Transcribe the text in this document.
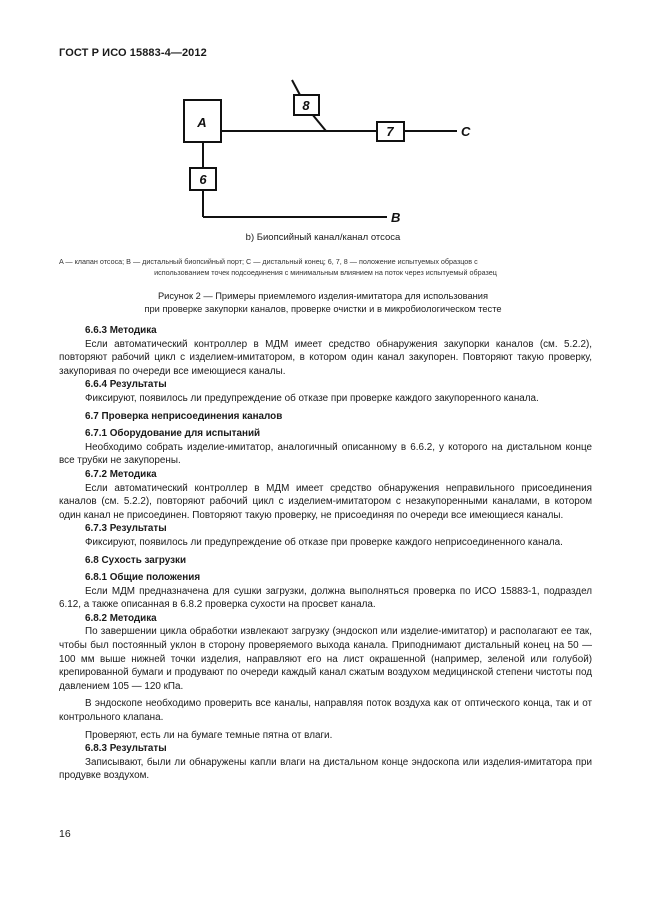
ГОСТ Р ИСО 15883-4—2012
A
8
7
6
C
B
b) Биопсийный канал/канал отсоса
A — клапан отсоса; B — дистальный биопсийный порт; C — дистальный конец; 6, 7, 8 — положение испытуемых образцов с
использованием точек подсоединения с минимальным влиянием на поток через испытуемый образец
Рисунок 2 — Примеры приемлемого изделия-имитатора для использования
при проверке закупорки каналов, проверке очистки и в микробиологическом тесте
6.6.3 Методика

Если автоматический контроллер в МДМ имеет средство обнаружения закупорки каналов (см. 5.2.2), повторяют рабочий цикл с изделием-имитатором, в котором один канал закупорен. Повторяют такую проверку, закупоривая по очереди все имеющиеся каналы.

6.6.4 Результаты

Фиксируют, появилось ли предупреждение об отказе при проверке каждого закупоренного канала.

6.7 Проверка неприсоединения каналов
6.7.1 Оборудование для испытаний

Необходимо собрать изделие-имитатор, аналогичный описанному в 6.6.2, у которого на дистальном конце все трубки не закупорены.

6.7.2 Методика

Если автоматический контроллер в МДМ имеет средство обнаружения неправильного присоединения каналов (см. 5.2.2), повторяют рабочий цикл с изделием-имитатором с незакупоренными каналами, в котором один канал не присоединен. Повторяют такую проверку, не присоединяя по очереди все имеющиеся каналы.

6.7.3 Результаты

Фиксируют, появилось ли предупреждение об отказе при проверке каждого неприсоединенного канала.

6.8 Сухость загрузки
6.8.1 Общие положения

Если МДМ предназначена для сушки загрузки, должна выполняться проверка по ИСО 15883-1, подраздел 6.12, а также описанная в 6.8.2 проверка сухости на просвет канала.

6.8.2 Методика

По завершении цикла обработки извлекают загрузку (эндоскоп или изделие-имитатор) и располагают ее так, чтобы был постоянный уклон в сторону проверяемого выхода канала. Приподнимают дистальный конец на 50 — 100 мм выше нижней точки изделия, направляют его на лист окрашенной (например, зеленой или голубой) крепированной бумаги и продувают по очереди каждый канал сжатым воздухом медицинской степени чистоты под давлением 105 — 120 кПа.

В эндоскопе необходимо проверить все каналы, направляя поток воздуха как от оптического конца, так и от контрольного клапана.

Проверяют, есть ли на бумаге темные пятна от влаги.

6.8.3 Результаты

Записывают, были ли обнаружены капли влаги на дистальном конце эндоскопа или изделия-имитатора при продувке воздухом.

16
